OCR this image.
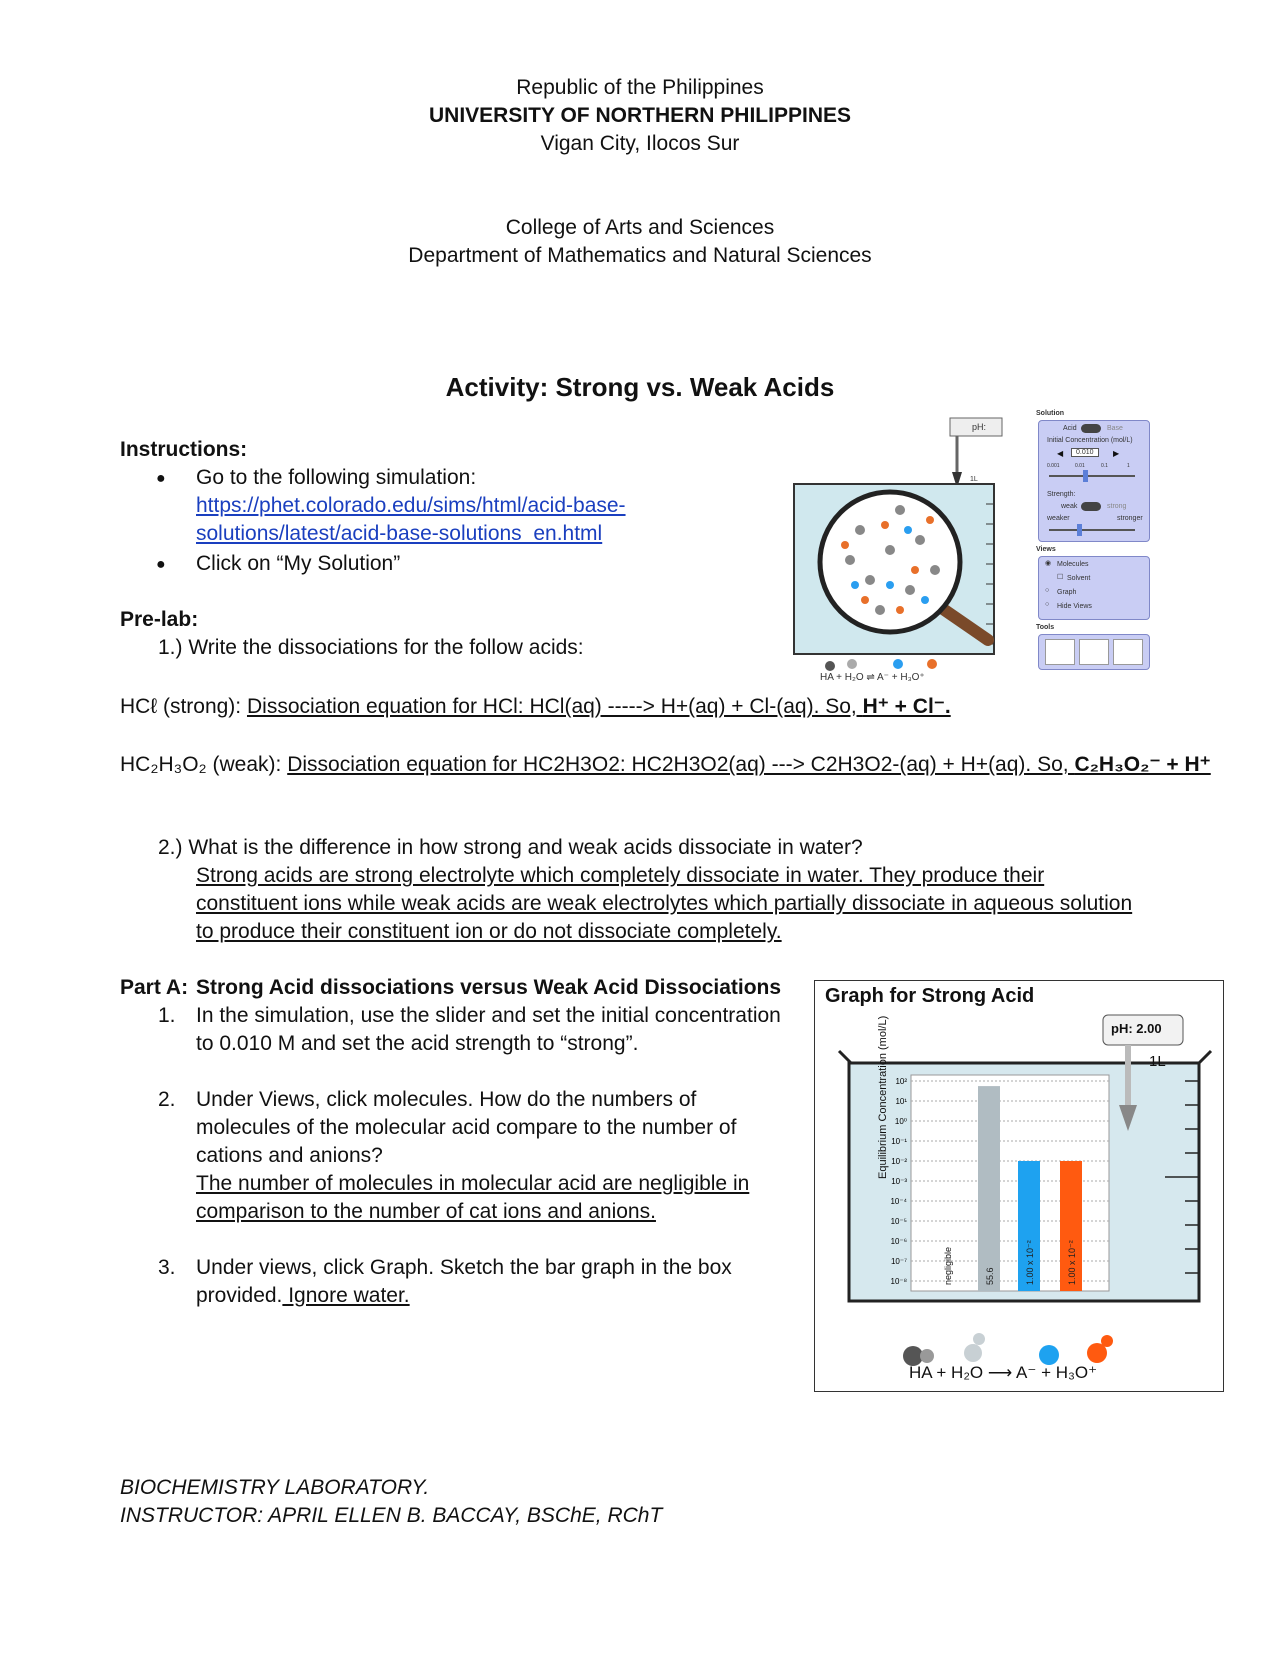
Republic of the Philippines
UNIVERSITY OF NORTHERN PHILIPPINES
Vigan City, Ilocos Sur
College of Arts and Sciences
Department of Mathematics and Natural Sciences
Activity: Strong vs. Weak Acids
Instructions:
● Go to the following simulation:
https://phet.colorado.edu/sims/html/acid-base-
solutions/latest/acid-base-solutions_en.html
● Click on “My Solution”
Pre-lab:
1.) Write the dissociations for the follow acids:
HCℓ (strong): Dissociation equation for HCl: HCl(aq) -----> H+(aq) + Cl-(aq). So, H⁺ + Cl⁻.
HC₂H₃O₂ (weak): Dissociation equation for HC2H3O2: HC2H3O2(aq) ---> C2H3O2-(aq) + H+(aq). So, C₂H₃O₂⁻ + H⁺
2.) What is the difference in how strong and weak acids dissociate in water?
Strong acids are strong electrolyte which completely dissociate in water. They produce their
constituent ions while weak acids are weak electrolytes which partially dissociate in aqueous solution
to produce their constituent ion or do not dissociate completely.
Part A: Strong Acid dissociations versus Weak Acid Dissociations
1. In the simulation, use the slider and set the initial concentration
to 0.010 M and set the acid strength to “strong”.
2. Under Views, click molecules. How do the numbers of
molecules of the molecular acid compare to the number of
cations and anions?
The number of molecules in molecular acid are negligible in
comparison to the number of cat ions and anions.
3. Under views, click Graph. Sketch the bar graph in the box
provided. Ignore water.
pH:
1L
HA + H₂O ⇌ A⁻ + H₃O⁺
Solution
Acid	Base
Initial Concentration (mol/L)
◀	0.010	▶
0.001	0.01	0.1	1
Strength:
weak	strong
weaker	stronger
Views
◉ Molecules
☐ Solvent
○ Graph
○ Hide Views
Tools
Graph for Strong Acid
10²
10¹
10⁰
10⁻¹
10⁻²
10⁻³
10⁻⁴
10⁻⁵
10⁻⁶
10⁻⁷
10⁻⁸	negligible	55.6	1.00 x 10⁻²	1.00 x 10⁻²
pH: 2.00
1L
Equilibrium Concentration (mol/L)
HA + H₂O ⟶ A⁻ + H₃O⁺
BIOCHEMISTRY LABORATORY.
INSTRUCTOR: APRIL ELLEN B. BACCAY, BSChE, RChT
